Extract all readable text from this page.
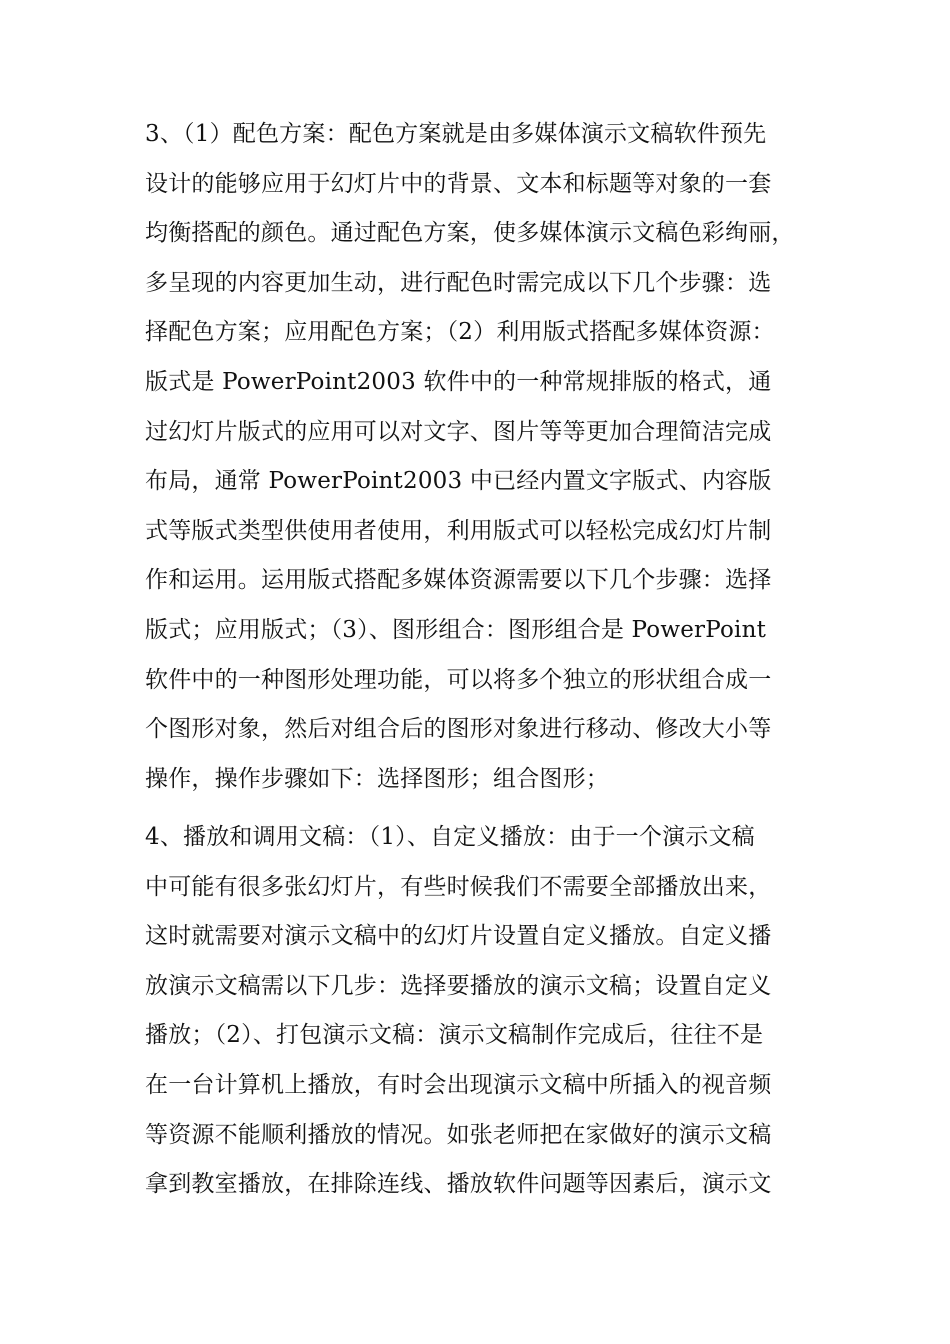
3、（1）配色方案：配色方案就是由多媒体演示文稿软件预先
设计的能够应用于幻灯片中的背景、文本和标题等对象的一套
均衡搭配的颜色。通过配色方案，使多媒体演示文稿色彩绚丽，
多呈现的内容更加生动，进行配色时需完成以下几个步骤：选
择配色方案；应用配色方案；（2）利用版式搭配多媒体资源：
版式是 PowerPoint2003 软件中的一种常规排版的格式，通
过幻灯片版式的应用可以对文字、图片等等更加合理简洁完成
布局，通常 PowerPoint2003 中已经内置文字版式、内容版
式等版式类型供使用者使用，利用版式可以轻松完成幻灯片制
作和运用。运用版式搭配多媒体资源需要以下几个步骤：选择
版式；应用版式；（3）、图形组合：图形组合是 PowerPoint
软件中的一种图形处理功能，可以将多个独立的形状组合成一
个图形对象，然后对组合后的图形对象进行移动、修改大小等
操作，操作步骤如下：选择图形；组合图形；
4、播放和调用文稿：（1）、自定义播放：由于一个演示文稿
中可能有很多张幻灯片，有些时候我们不需要全部播放出来，
这时就需要对演示文稿中的幻灯片设置自定义播放。自定义播
放演示文稿需以下几步：选择要播放的演示文稿；设置自定义
播放；（2）、打包演示文稿：演示文稿制作完成后，往往不是
在一台计算机上播放，有时会出现演示文稿中所插入的视音频
等资源不能顺利播放的情况。如张老师把在家做好的演示文稿
拿到教室播放，在排除连线、播放软件问题等因素后，演示文
